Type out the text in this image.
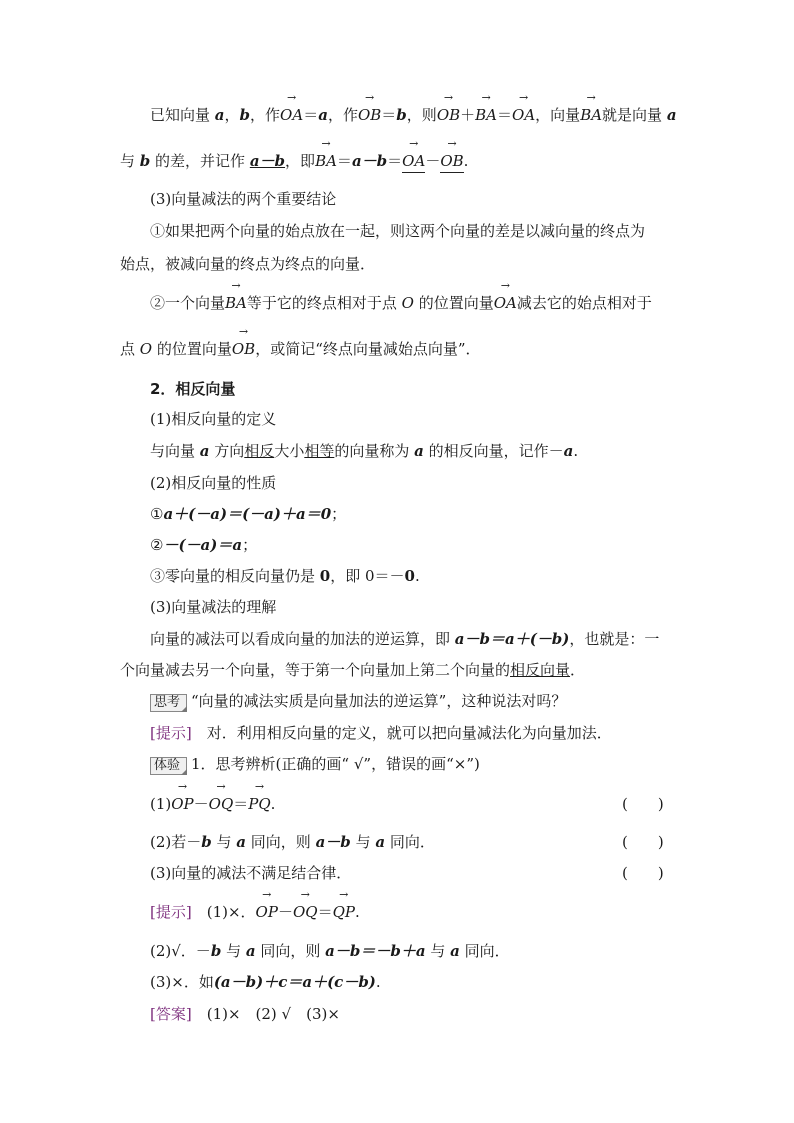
已知向量 a，b，作→ OA＝a，作→ OB＝b，则→ OB＋→ BA＝→ OA，向量→ BA就是向量 a
与 b 的差，并记作 a－b，即→ BA＝a－b＝→ OA－→ OB.
(3)向量减法的两个重要结论
①如果把两个向量的始点放在一起，则这两个向量的差是以减向量的终点为
始点，被减向量的终点为终点的向量．
②一个向量→ BA等于它的终点相对于点 O 的位置向量→ OA减去它的始点相对于
点 O 的位置向量→ OB，或简记“终点向量减始点向量”．
2．相反向量
(1)相反向量的定义
与向量 a 方向相反大小相等的向量称为 a 的相反向量，记作－a.
(2)相反向量的性质
①a＋(－a)＝(－a)＋a＝0；
②－(－a)＝a；
③零向量的相反向量仍是 0，即 0＝－0.
(3)向量减法的理解
向量的减法可以看成向量的加法的逆运算，即 a－b＝a＋(－b)，也就是：一
个向量减去另一个向量，等于第一个向量加上第二个向量的相反向量．
思考 “向量的减法实质是向量加法的逆运算”，这种说法对吗？
[提示]　对．利用相反向量的定义，就可以把向量减法化为向量加法．
体验 1．思考辨析(正确的画“ √”，错误的画“×”)
(1)→ OP－→ OQ＝→ PQ.	(　　)
(2)若－b 与 a 同向，则 a－b 与 a 同向．	(　　)
(3)向量的减法不满足结合律．	(　　)
[提示]　(1)×．→ OP－→ OQ＝→ QP.
(2)√．－b 与 a 同向，则 a－b＝－b＋a 与 a 同向．
(3)×．如(a－b)＋c＝a＋(c－b).
[答案]　(1)×　(2) √　(3)×
